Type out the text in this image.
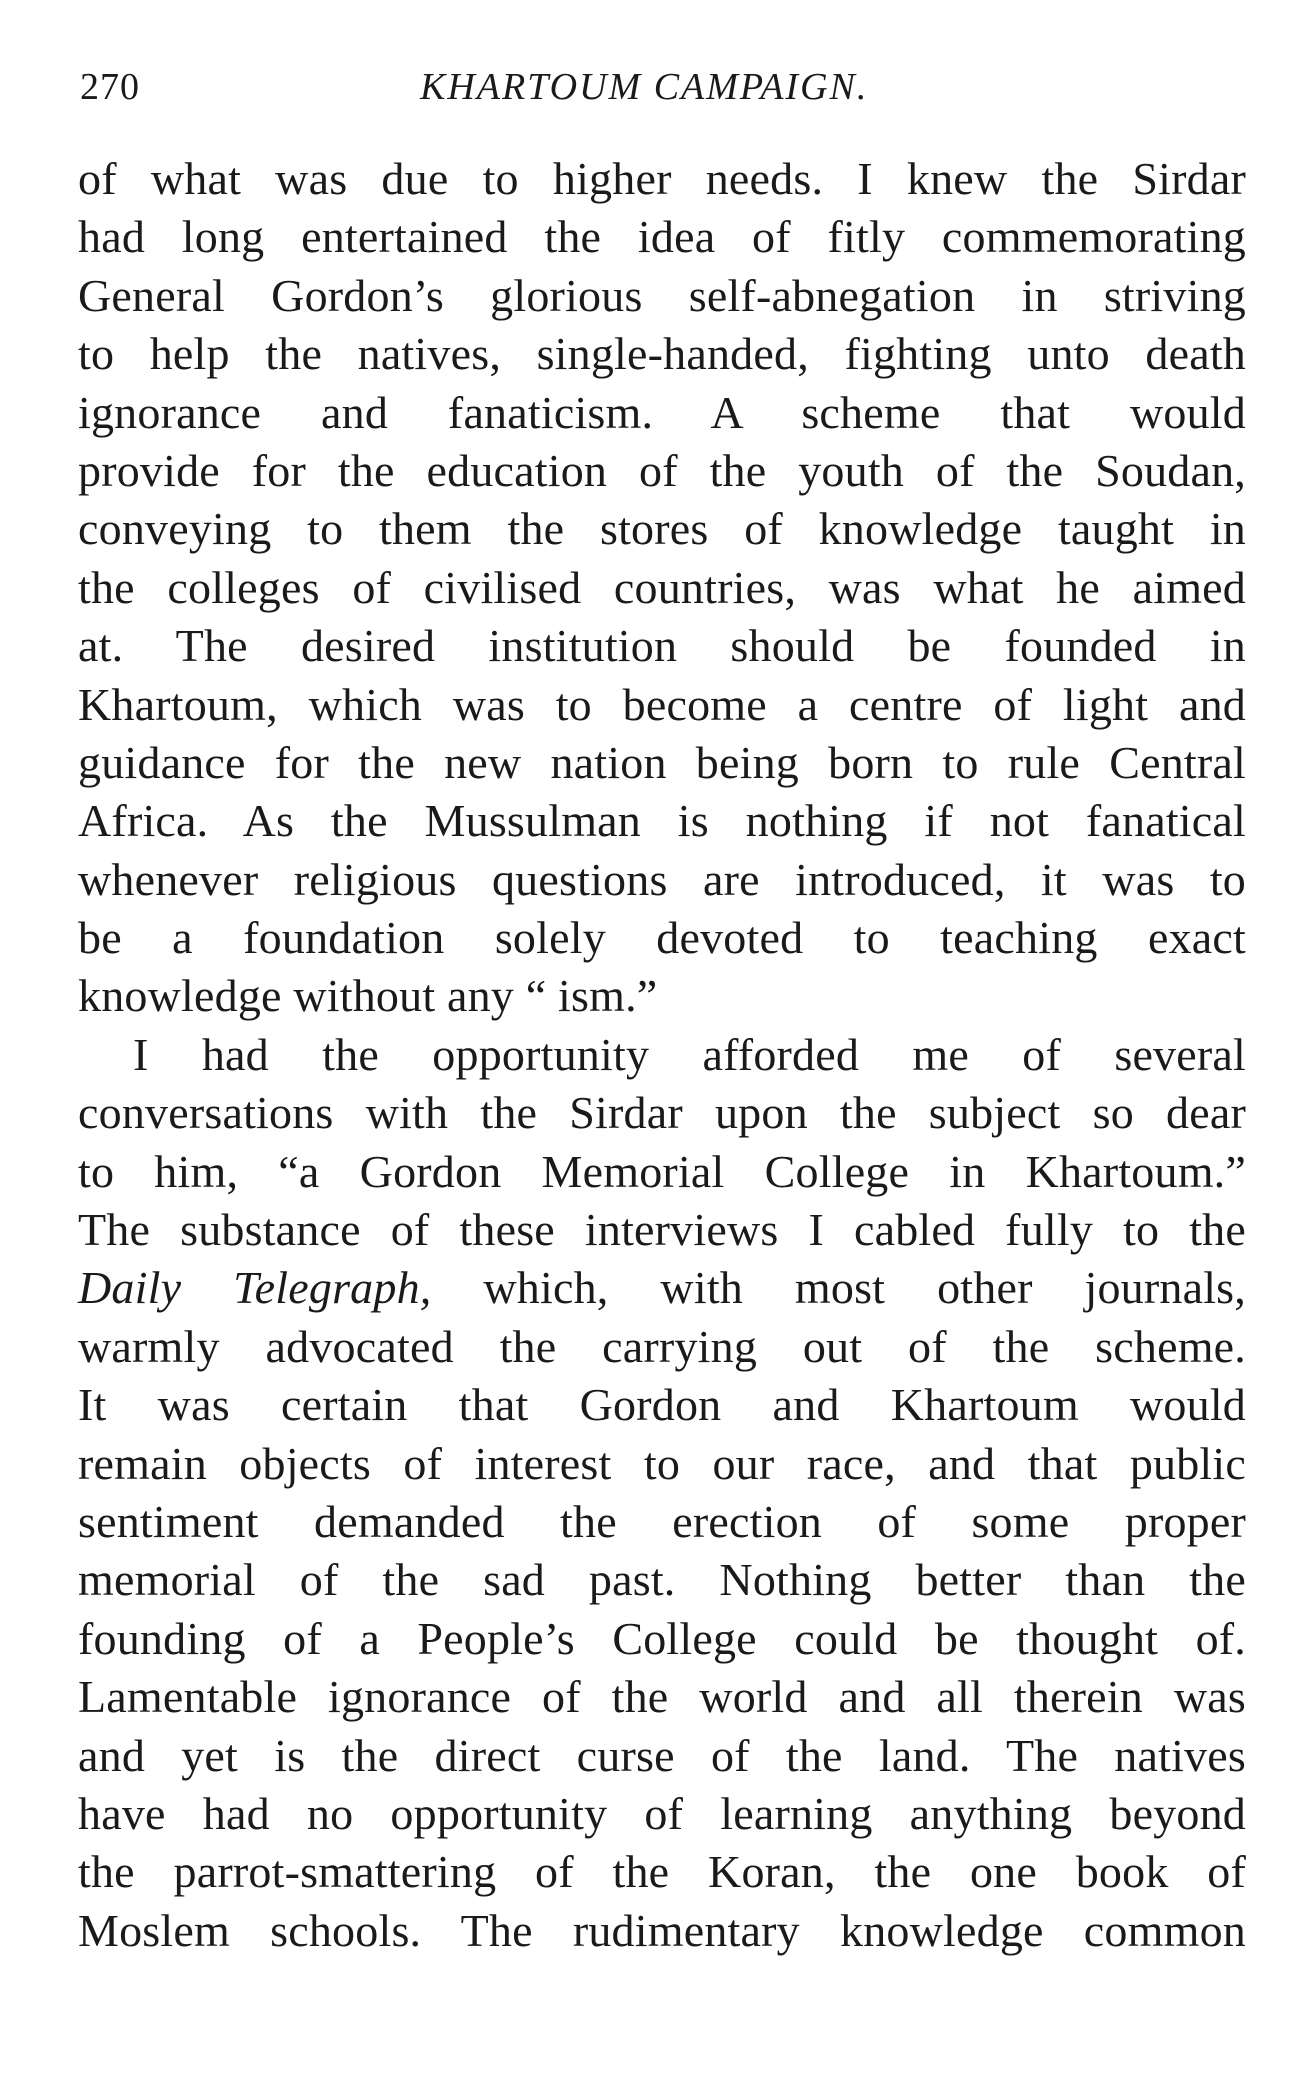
270	KHARTOUM CAMPAIGN.
of what was due to higher needs. I knew the Sirdar
had long entertained the idea of fitly commemorating
General Gordon’s glorious self-abnegation in striving
to help the natives, single-handed, fighting unto death
ignorance and fanaticism. A scheme that would
provide for the education of the youth of the Soudan,
conveying to them the stores of knowledge taught in
the colleges of civilised countries, was what he aimed
at. The desired institution should be founded in
Khartoum, which was to become a centre of light and
guidance for the new nation being born to rule Central
Africa. As the Mussulman is nothing if not fanatical
whenever religious questions are introduced, it was to
be a foundation solely devoted to teaching exact
knowledge without any “ ism.”
I had the opportunity afforded me of several
conversations with the Sirdar upon the subject so dear
to him, “a Gordon Memorial College in Khartoum.”
The substance of these interviews I cabled fully to the
Daily Telegraph, which, with most other journals,
warmly advocated the carrying out of the scheme.
It was certain that Gordon and Khartoum would
remain objects of interest to our race, and that public
sentiment demanded the erection of some proper
memorial of the sad past. Nothing better than the
founding of a People’s College could be thought of.
Lamentable ignorance of the world and all therein was
and yet is the direct curse of the land. The natives
have had no opportunity of learning anything beyond
the parrot-smattering of the Koran, the one book of
Moslem schools. The rudimentary knowledge common
